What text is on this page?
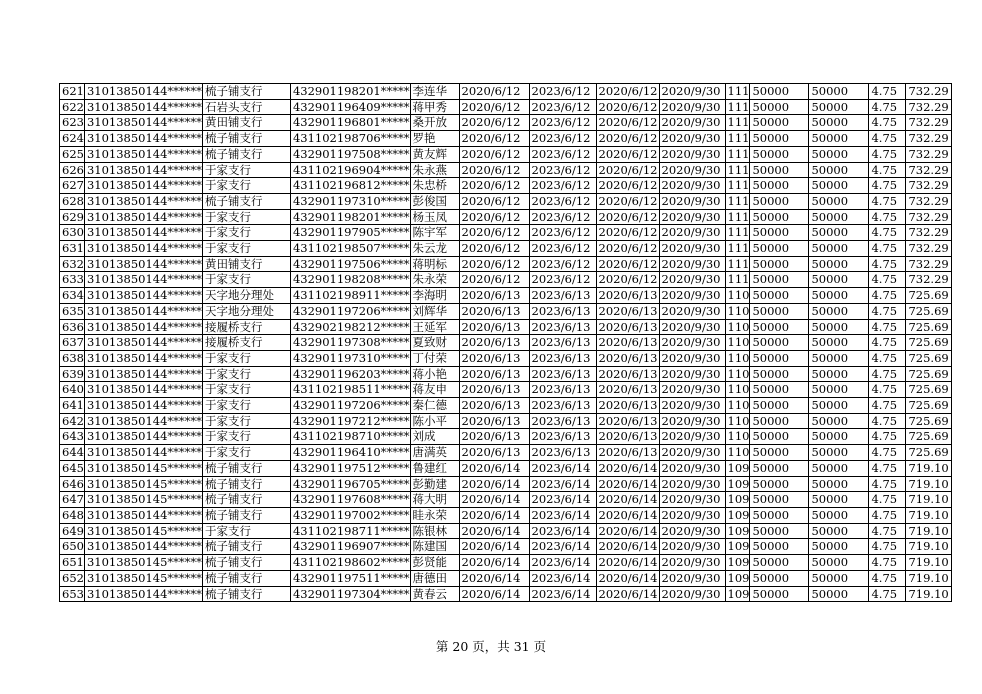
621	31013850144******	梳子铺支行	432901198201*****	李连华	2020/6/12	2023/6/12	2020/6/12	2020/9/30	111	50000	50000	4.75	732.29
622	31013850144******	石岩头支行	432901196409*****	蒋甲秀	2020/6/12	2023/6/12	2020/6/12	2020/9/30	111	50000	50000	4.75	732.29
623	31013850144******	黄田铺支行	432901196801*****	桑开放	2020/6/12	2023/6/12	2020/6/12	2020/9/30	111	50000	50000	4.75	732.29
624	31013850144******	梳子铺支行	431102198706*****	罗艳	2020/6/12	2023/6/12	2020/6/12	2020/9/30	111	50000	50000	4.75	732.29
625	31013850144******	梳子铺支行	432901197508*****	黄友辉	2020/6/12	2023/6/12	2020/6/12	2020/9/30	111	50000	50000	4.75	732.29
626	31013850144******	于家支行	431102196904*****	朱永燕	2020/6/12	2023/6/12	2020/6/12	2020/9/30	111	50000	50000	4.75	732.29
627	31013850144******	于家支行	431102196812*****	朱忠桥	2020/6/12	2023/6/12	2020/6/12	2020/9/30	111	50000	50000	4.75	732.29
628	31013850144******	梳子铺支行	432901197310*****	彭俊国	2020/6/12	2023/6/12	2020/6/12	2020/9/30	111	50000	50000	4.75	732.29
629	31013850144******	于家支行	432901198201*****	杨玉凤	2020/6/12	2023/6/12	2020/6/12	2020/9/30	111	50000	50000	4.75	732.29
630	31013850144******	于家支行	432901197905*****	陈宇军	2020/6/12	2023/6/12	2020/6/12	2020/9/30	111	50000	50000	4.75	732.29
631	31013850144******	于家支行	431102198507*****	朱云龙	2020/6/12	2023/6/12	2020/6/12	2020/9/30	111	50000	50000	4.75	732.29
632	31013850144******	黄田铺支行	432901197506*****	蒋明标	2020/6/12	2023/6/12	2020/6/12	2020/9/30	111	50000	50000	4.75	732.29
633	31013850144******	于家支行	432901198208*****	朱永荣	2020/6/12	2023/6/12	2020/6/12	2020/9/30	111	50000	50000	4.75	732.29
634	31013850144******	天字地分理处	431102198911*****	李海明	2020/6/13	2023/6/13	2020/6/13	2020/9/30	110	50000	50000	4.75	725.69
635	31013850144******	天字地分理处	432901197206*****	刘辉华	2020/6/13	2023/6/13	2020/6/13	2020/9/30	110	50000	50000	4.75	725.69
636	31013850144******	接履桥支行	432902198212*****	王延军	2020/6/13	2023/6/13	2020/6/13	2020/9/30	110	50000	50000	4.75	725.69
637	31013850144******	接履桥支行	432901197308*****	夏致财	2020/6/13	2023/6/13	2020/6/13	2020/9/30	110	50000	50000	4.75	725.69
638	31013850144******	于家支行	432901197310*****	丁付荣	2020/6/13	2023/6/13	2020/6/13	2020/9/30	110	50000	50000	4.75	725.69
639	31013850144******	于家支行	432901196203*****	蒋小艳	2020/6/13	2023/6/13	2020/6/13	2020/9/30	110	50000	50000	4.75	725.69
640	31013850144******	于家支行	431102198511*****	蒋友申	2020/6/13	2023/6/13	2020/6/13	2020/9/30	110	50000	50000	4.75	725.69
641	31013850144******	于家支行	432901197206*****	秦仁德	2020/6/13	2023/6/13	2020/6/13	2020/9/30	110	50000	50000	4.75	725.69
642	31013850144******	于家支行	432901197212*****	陈小平	2020/6/13	2023/6/13	2020/6/13	2020/9/30	110	50000	50000	4.75	725.69
643	31013850144******	于家支行	431102198710*****	刘成	2020/6/13	2023/6/13	2020/6/13	2020/9/30	110	50000	50000	4.75	725.69
644	31013850144******	于家支行	432901196410*****	唐满英	2020/6/13	2023/6/13	2020/6/13	2020/9/30	110	50000	50000	4.75	725.69
645	31013850145******	梳子铺支行	432901197512*****	鲁建红	2020/6/14	2023/6/14	2020/6/14	2020/9/30	109	50000	50000	4.75	719.10
646	31013850145******	梳子铺支行	432901196705*****	彭勤建	2020/6/14	2023/6/14	2020/6/14	2020/9/30	109	50000	50000	4.75	719.10
647	31013850145******	梳子铺支行	432901197608*****	蒋大明	2020/6/14	2023/6/14	2020/6/14	2020/9/30	109	50000	50000	4.75	719.10
648	31013850144******	梳子铺支行	432901197002*****	眭永荣	2020/6/14	2023/6/14	2020/6/14	2020/9/30	109	50000	50000	4.75	719.10
649	31013850145******	于家支行	431102198711*****	陈银林	2020/6/14	2023/6/14	2020/6/14	2020/9/30	109	50000	50000	4.75	719.10
650	31013850144******	梳子铺支行	432901196907*****	陈建国	2020/6/14	2023/6/14	2020/6/14	2020/9/30	109	50000	50000	4.75	719.10
651	31013850145******	梳子铺支行	431102198602*****	彭贤能	2020/6/14	2023/6/14	2020/6/14	2020/9/30	109	50000	50000	4.75	719.10
652	31013850145******	梳子铺支行	432901197511*****	唐德田	2020/6/14	2023/6/14	2020/6/14	2020/9/30	109	50000	50000	4.75	719.10
653	31013850144******	梳子铺支行	432901197304*****	黄春云	2020/6/14	2023/6/14	2020/6/14	2020/9/30	109	50000	50000	4.75	719.10
第 20 页，共 31 页
